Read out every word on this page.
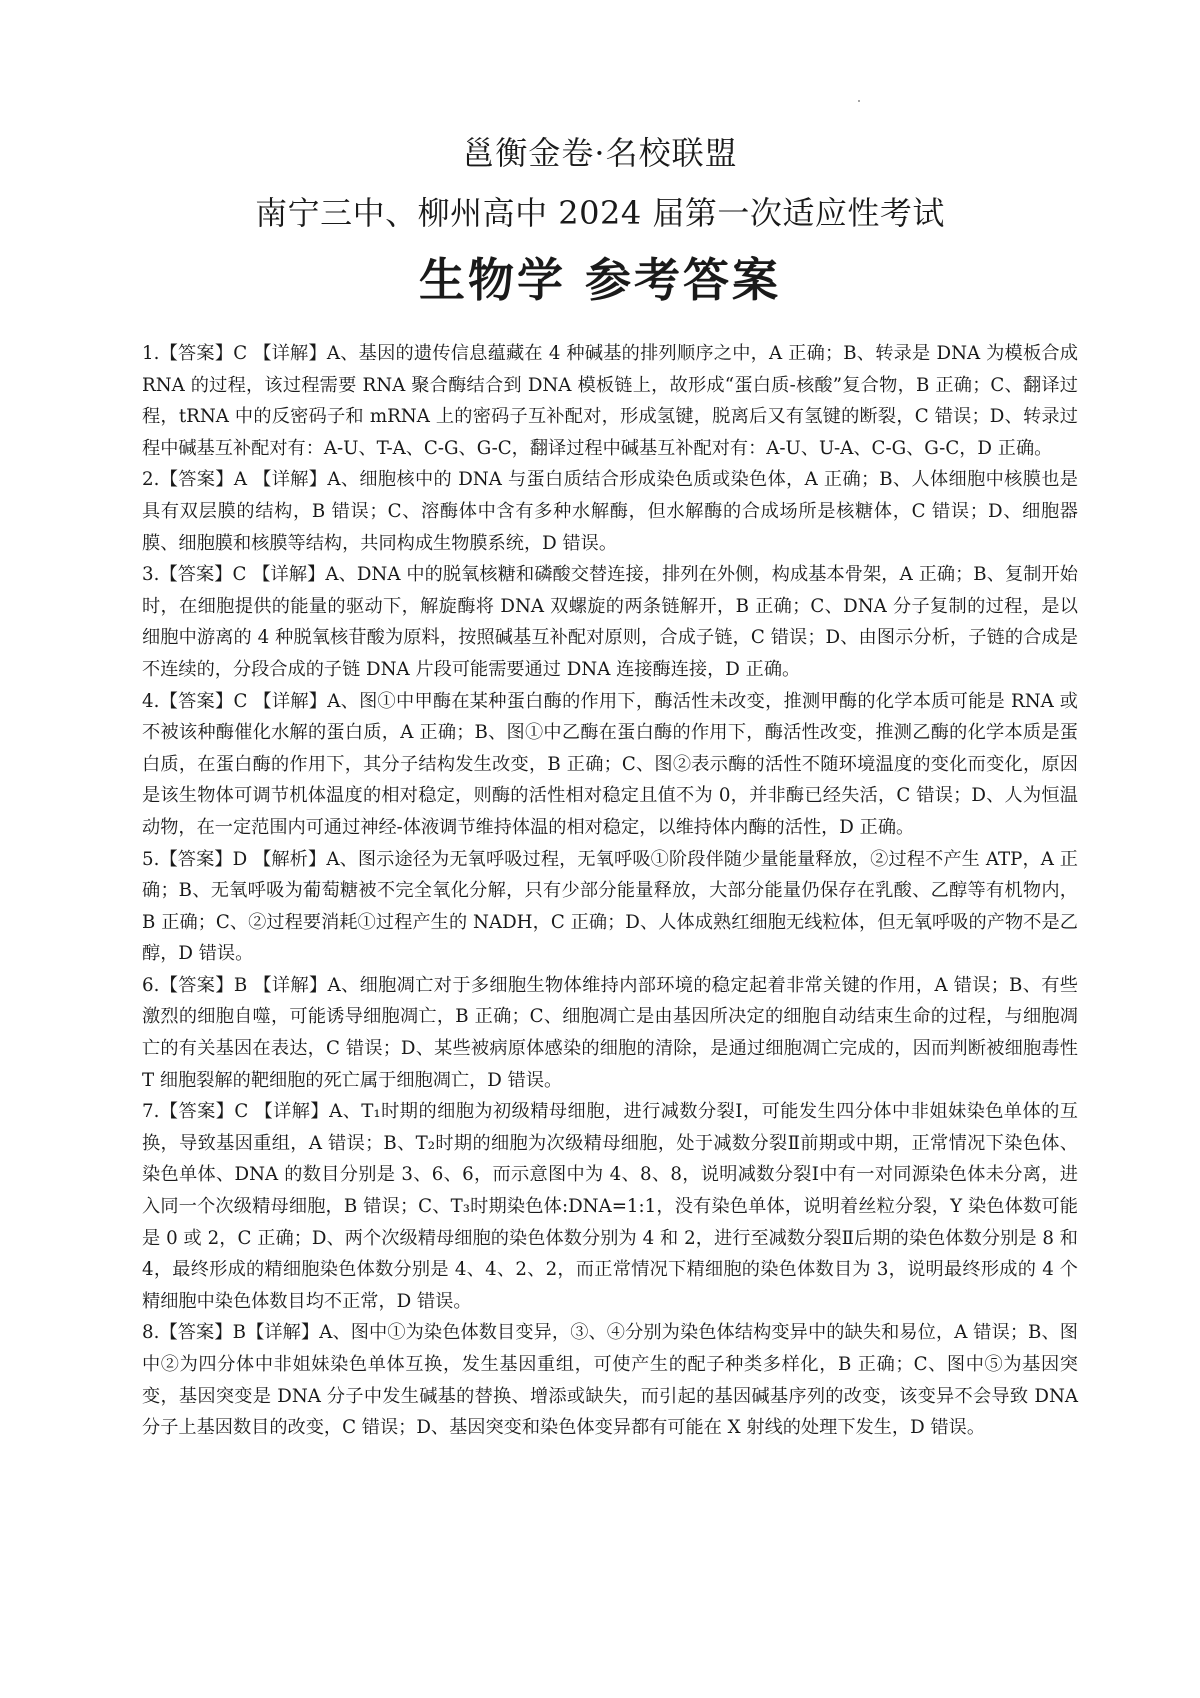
邕衡金卷·名校联盟
南宁三中、柳州高中 2024 届第一次适应性考试
生物学 参考答案

1.【答案】C 【详解】A、基因的遗传信息蕴藏在 4 种碱基的排列顺序之中，A 正确；B、转录是 DNA 为模板合成 RNA 的过程，该过程需要 RNA 聚合酶结合到 DNA 模板链上，故形成“蛋白质-核酸”复合物，B 正确；C、翻译过程，tRNA 中的反密码子和 mRNA 上的密码子互补配对，形成氢键，脱离后又有氢键的断裂，C 错误；D、转录过程中碱基互补配对有：A-U、T-A、C-G、G-C，翻译过程中碱基互补配对有：A-U、U-A、C-G、G-C，D 正确。

2.【答案】A 【详解】A、细胞核中的 DNA 与蛋白质结合形成染色质或染色体，A 正确；B、人体细胞中核膜也是具有双层膜的结构，B 错误；C、溶酶体中含有多种水解酶，但水解酶的合成场所是核糖体，C 错误；D、细胞器膜、细胞膜和核膜等结构，共同构成生物膜系统，D 错误。

3.【答案】C 【详解】A、DNA 中的脱氧核糖和磷酸交替连接，排列在外侧，构成基本骨架，A 正确；B、复制开始时，在细胞提供的能量的驱动下，解旋酶将 DNA 双螺旋的两条链解开，B 正确；C、DNA 分子复制的过程，是以细胞中游离的 4 种脱氧核苷酸为原料，按照碱基互补配对原则，合成子链，C 错误；D、由图示分析，子链的合成是不连续的，分段合成的子链 DNA 片段可能需要通过 DNA 连接酶连接，D 正确。

4.【答案】C 【详解】A、图①中甲酶在某种蛋白酶的作用下，酶活性未改变，推测甲酶的化学本质可能是 RNA 或不被该种酶催化水解的蛋白质，A 正确；B、图①中乙酶在蛋白酶的作用下，酶活性改变，推测乙酶的化学本质是蛋白质，在蛋白酶的作用下，其分子结构发生改变，B 正确；C、图②表示酶的活性不随环境温度的变化而变化，原因是该生物体可调节机体温度的相对稳定，则酶的活性相对稳定且值不为 0，并非酶已经失活，C 错误；D、人为恒温动物，在一定范围内可通过神经-体液调节维持体温的相对稳定，以维持体内酶的活性，D 正确。

5.【答案】D 【解析】A、图示途径为无氧呼吸过程，无氧呼吸①阶段伴随少量能量释放，②过程不产生 ATP，A 正确；B、无氧呼吸为葡萄糖被不完全氧化分解，只有少部分能量释放，大部分能量仍保存在乳酸、乙醇等有机物内，B 正确；C、②过程要消耗①过程产生的 NADH，C 正确；D、人体成熟红细胞无线粒体，但无氧呼吸的产物不是乙醇，D 错误。

6.【答案】B 【详解】A、细胞凋亡对于多细胞生物体维持内部环境的稳定起着非常关键的作用，A 错误；B、有些激烈的细胞自噬，可能诱导细胞凋亡，B 正确；C、细胞凋亡是由基因所决定的细胞自动结束生命的过程，与细胞凋亡的有关基因在表达，C 错误；D、某些被病原体感染的细胞的清除，是通过细胞凋亡完成的，因而判断被细胞毒性 T 细胞裂解的靶细胞的死亡属于细胞凋亡，D 错误。

7.【答案】C 【详解】A、T₁时期的细胞为初级精母细胞，进行减数分裂Ⅰ，可能发生四分体中非姐妹染色单体的互换，导致基因重组，A 错误；B、T₂时期的细胞为次级精母细胞，处于减数分裂Ⅱ前期或中期，正常情况下染色体、染色单体、DNA 的数目分别是 3、6、6，而示意图中为 4、8、8，说明减数分裂Ⅰ中有一对同源染色体未分离，进入同一个次级精母细胞，B 错误；C、T₃时期染色体:DNA=1:1，没有染色单体，说明着丝粒分裂，Y 染色体数可能是 0 或 2，C 正确；D、两个次级精母细胞的染色体数分别为 4 和 2，进行至减数分裂Ⅱ后期的染色体数分别是 8 和 4，最终形成的精细胞染色体数分别是 4、4、2、2，而正常情况下精细胞的染色体数目为 3，说明最终形成的 4 个精细胞中染色体数目均不正常，D 错误。

8.【答案】B【详解】A、图中①为染色体数目变异，③、④分别为染色体结构变异中的缺失和易位，A 错误；B、图中②为四分体中非姐妹染色单体互换，发生基因重组，可使产生的配子种类多样化，B 正确；C、图中⑤为基因突变，基因突变是 DNA 分子中发生碱基的替换、增添或缺失，而引起的基因碱基序列的改变，该变异不会导致 DNA 分子上基因数目的改变，C 错误；D、基因突变和染色体变异都有可能在 X 射线的处理下发生，D 错误。
